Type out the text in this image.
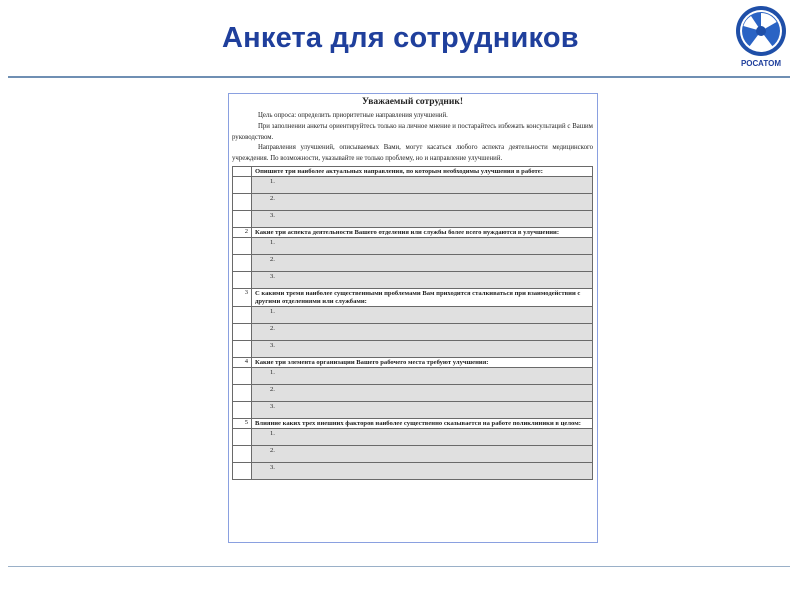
Анкета для сотрудников
РОСАТОМ
Уважаемый сотрудник!

Цель опроса: определить приоритетные направления улучшений.

При заполнении анкеты ориентируйтесь только на личное мнение и постарайтесь избежать консультаций с Вашим руководством.

Направления улучшений, описываемых Вами, могут касаться любого аспекта деятельности медицинского учреждения. По возможности, указывайте не только проблему, но и направление улучшений.

	Опишите три наиболее актуальных направления, по которым необходимы улучшения в работе:
	1.
	2.
	3.
2	Какие три аспекта деятельности Вашего отделения или службы более всего нуждаются в улучшении:
	1.
	2.
	3.
3	С какими тремя наиболее существенными проблемами Вам приходится сталкиваться при взаимодействии с другими отделениями или службами:
	1.
	2.
	3.
4	Какие три элемента организации Вашего рабочего места требуют улучшения:
	1.
	2.
	3.
5	Влияние каких трех внешних факторов наиболее существенно сказывается на работе поликлиники в целом:
	1.
	2.
	3.
